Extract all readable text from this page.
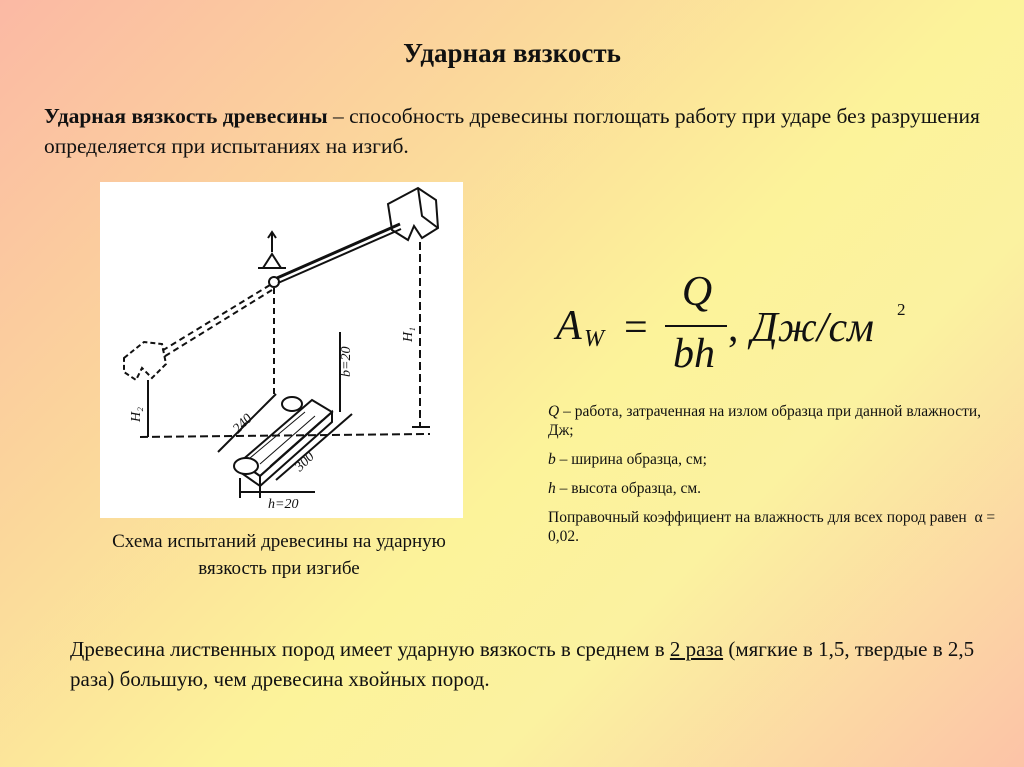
Ударная вязкость
Ударная вязкость древесины – способность древесины поглощать работу при ударе без разрушения определяется при испытаниях на изгиб.
H₁
H₂
b=20
240
300
h=20
Схема испытаний древесины на ударную вязкость при изгибе
A W =
Q
bh
, Дж/см 2

Q – работа, затраченная на излом образца при данной влажности, Дж;

b – ширина образца, см;

h – высота образца, см.

Поправочный коэффициент на влажность для всех пород равен α = 0,02.

Древесина лиственных пород имеет ударную вязкость в среднем в 2 раза (мягкие в 1,5, твердые в 2,5 раза) большую, чем древесина хвойных пород.
